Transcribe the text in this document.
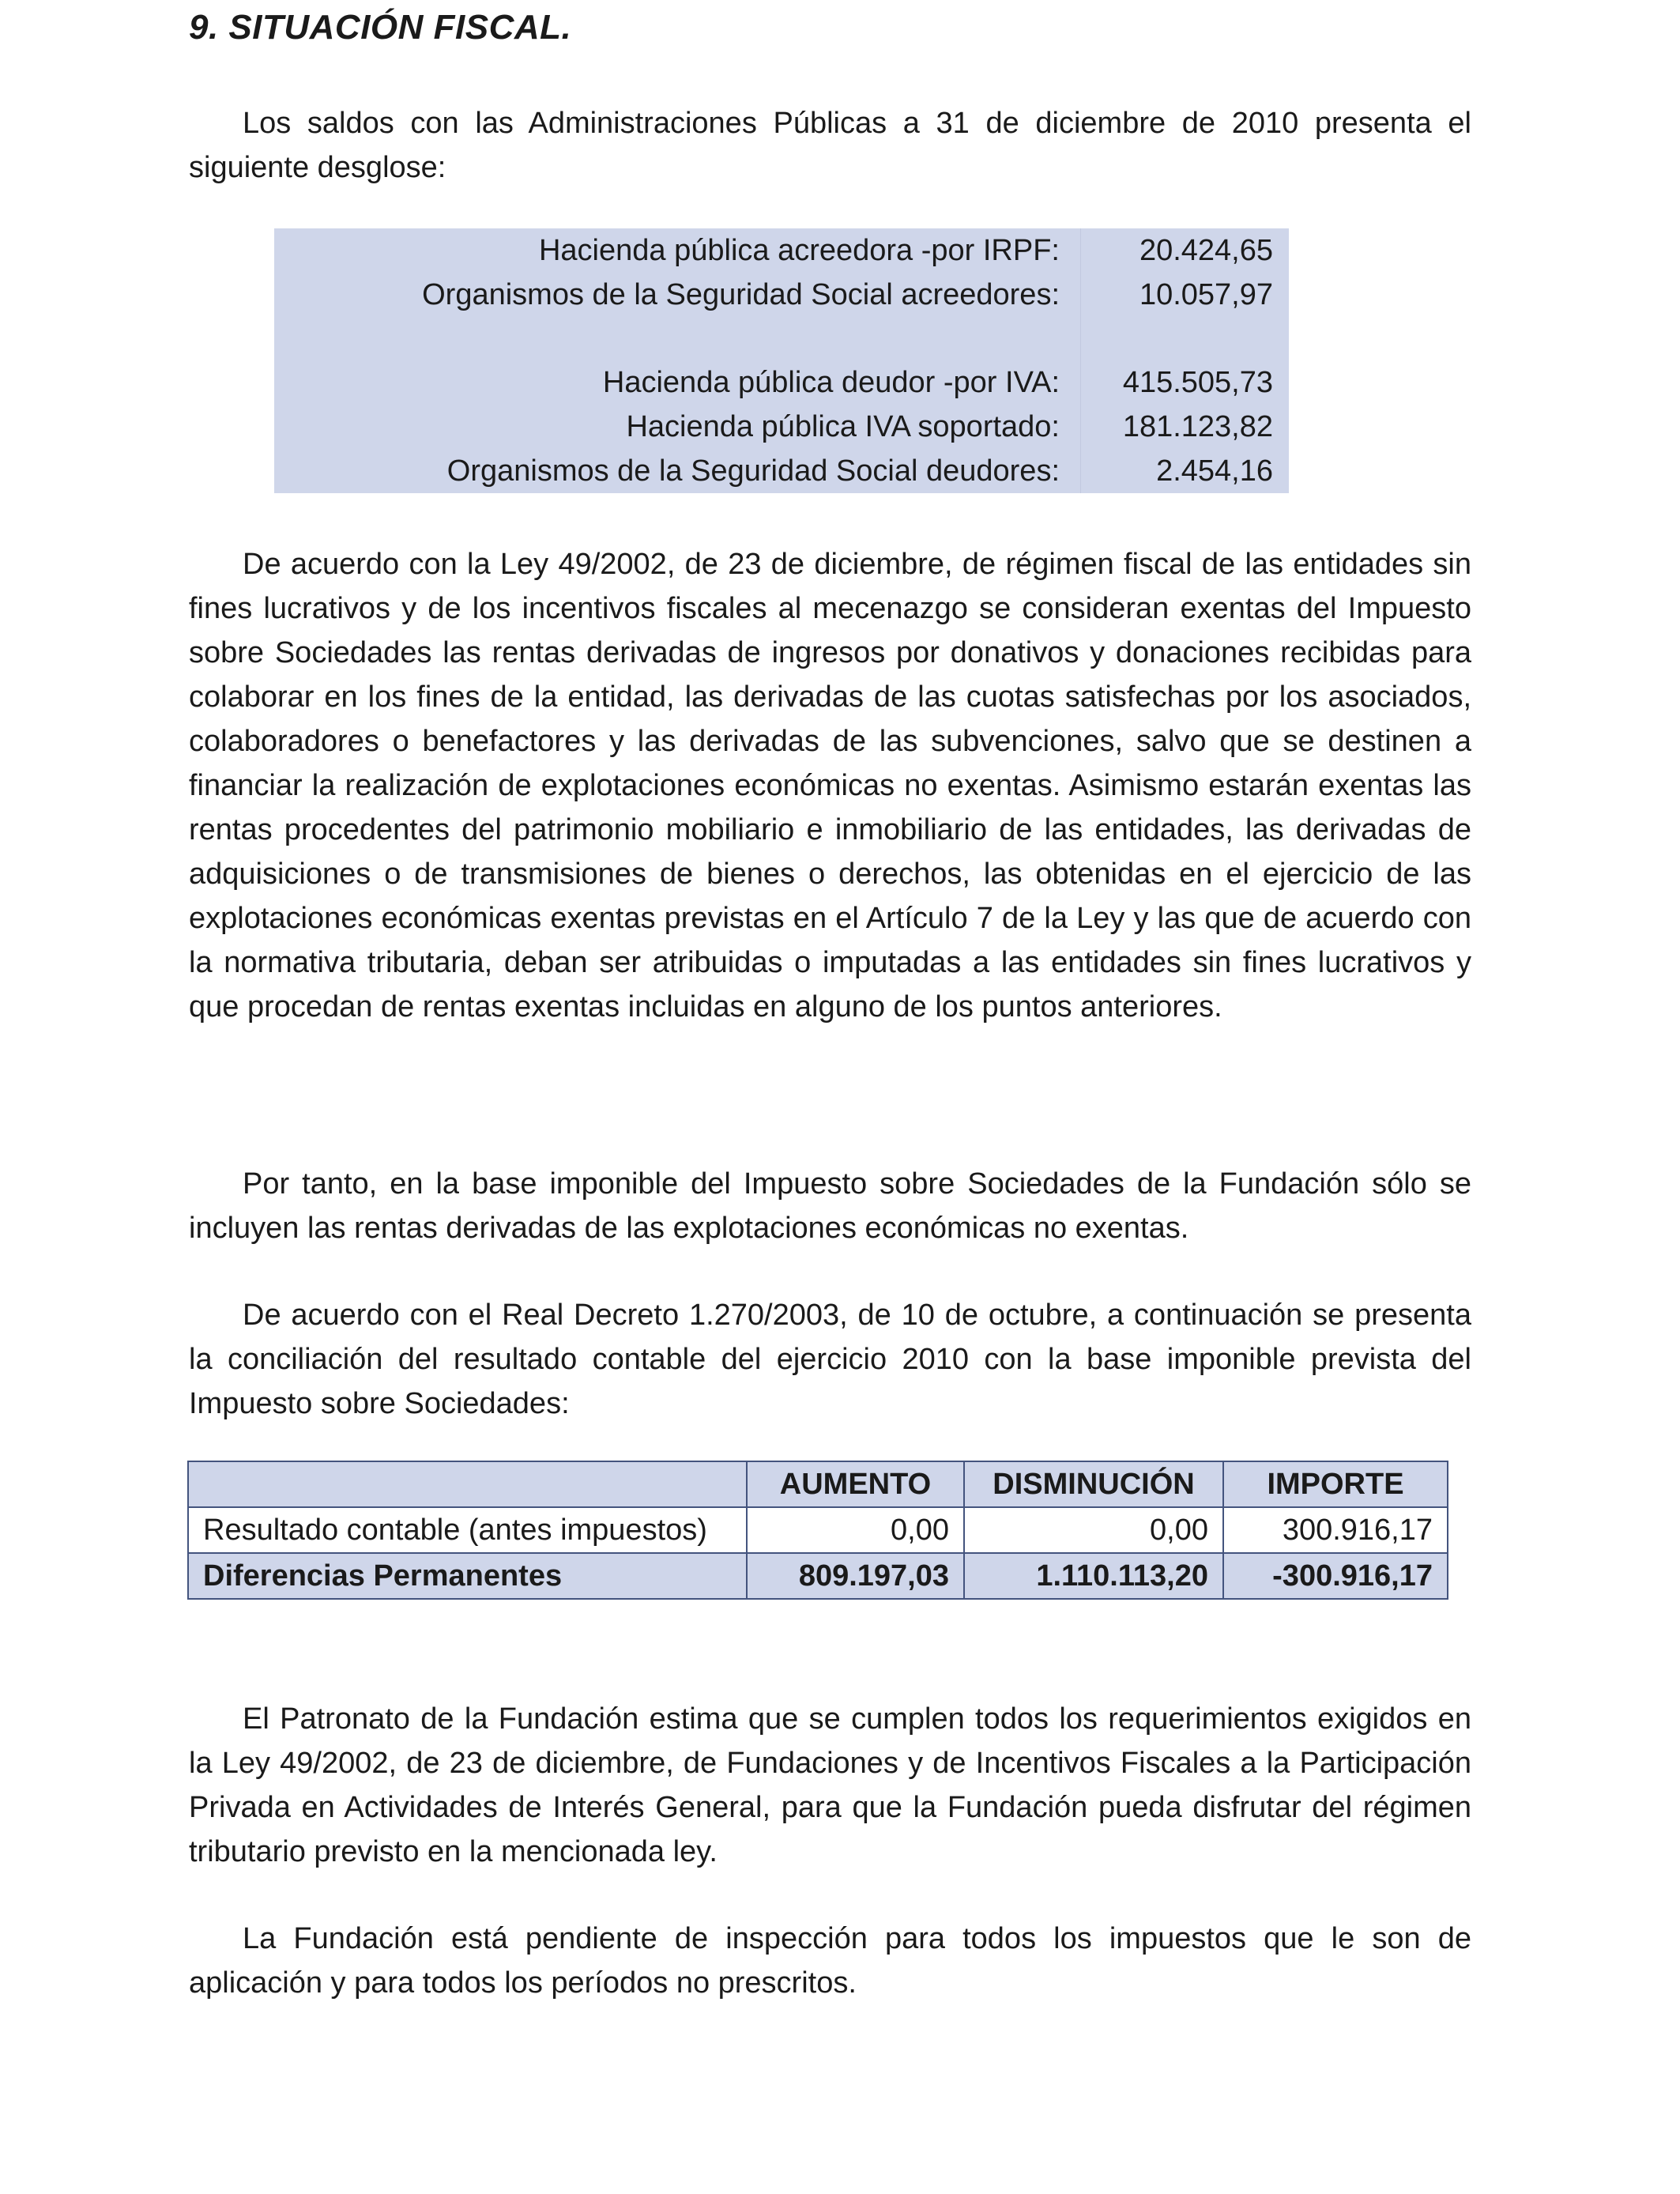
9. SITUACIÓN FISCAL.

Los saldos con las Administraciones Públicas a 31 de diciembre de 2010 presenta el siguiente desglose:

Hacienda pública acreedora -por IRPF:	20.424,65
Organismos de la Seguridad Social acreedores:	10.057,97
Hacienda pública deudor -por IVA:	415.505,73
Hacienda pública IVA soportado:	181.123,82
Organismos de la Seguridad Social deudores:	2.454,16

De acuerdo con la Ley 49/2002, de 23 de diciembre, de régimen fiscal de las entidades sin fines lucrativos y de los incentivos fiscales al mecenazgo se consideran exentas del Impuesto sobre Sociedades las rentas derivadas de ingresos por donativos y donaciones recibidas para colaborar en los fines de la entidad, las derivadas de las cuotas satisfechas por los asociados, colaboradores o benefactores y las derivadas de las subvenciones, salvo que se destinen a financiar la realización de explotaciones económicas no exentas. Asimismo estarán exentas las rentas procedentes del patrimonio mobiliario e inmobiliario de las entidades, las derivadas de adquisiciones o de transmisiones de bienes o derechos, las obtenidas en el ejercicio de las explotaciones económicas exentas previstas en el Artículo 7 de la Ley y las que de acuerdo con la normativa tributaria, deban ser atribuidas o imputadas a las entidades sin fines lucrativos y que procedan de rentas exentas incluidas en alguno de los puntos anteriores.

Por tanto, en la base imponible del Impuesto sobre Sociedades de la Fundación sólo se incluyen las rentas derivadas de las explotaciones económicas no exentas.

De acuerdo con el Real Decreto 1.270/2003, de 10 de octubre, a continuación se presenta la conciliación del resultado contable del ejercicio 2010 con la base imponible prevista del Impuesto sobre Sociedades:

	AUMENTO	DISMINUCIÓN	IMPORTE
Resultado contable (antes impuestos)	0,00	0,00	300.916,17
Diferencias Permanentes	809.197,03	1.110.113,20	-300.916,17

El Patronato de la Fundación estima que se cumplen todos los requerimientos exigidos en la Ley 49/2002, de 23 de diciembre, de Fundaciones y de Incentivos Fiscales a la Participación Privada en Actividades de Interés General, para que la Fundación pueda disfrutar del régimen tributario previsto en la mencionada ley.

La Fundación está pendiente de inspección para todos los impuestos que le son de aplicación y para todos los períodos no prescritos.
